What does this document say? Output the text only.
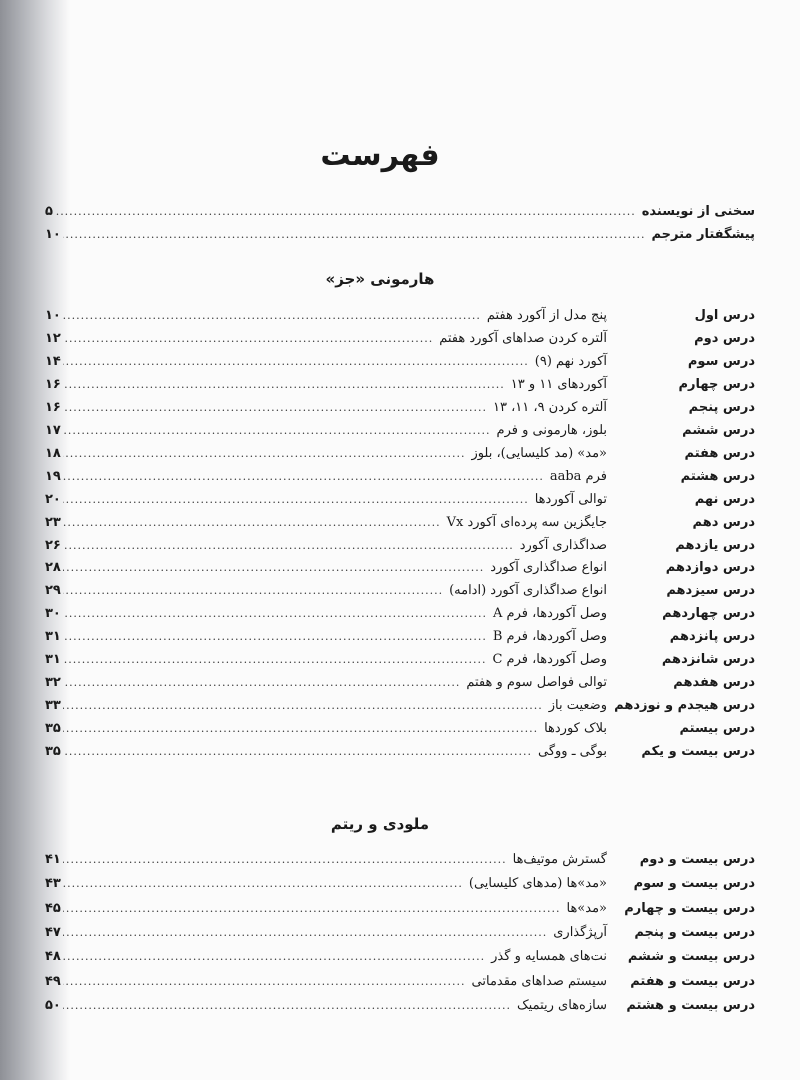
فهرست
سخنی از نویسنده
.....
۵
پیشگفتار مترجم
.....
۱۰
هارمونی «جز»
درس اول
پنج مدل از آکورد هفتم
.....
۱۰
درس دوم
آلتره کردن صداهای آکورد هفتم
.....
۱۲
درس سوم
آکورد نهم (۹)
.....
۱۴
درس چهارم
آکوردهای ۱۱ و ۱۳
.....
۱۶
درس پنجم
آلتره کردن ۹، ۱۱، ۱۳
.....
۱۶
درس ششم
بلوز، هارمونی و فرم
.....
۱۷
درس هفتم
«مد» (مد کلیسایی)، بلوز
.....
۱۸
درس هشتم
فرم aaba
.....
۱۹
درس نهم
توالی آکوردها
.....
۲۰
درس دهم
جایگزین سه پرده‌ای آکورد Vx
.....
۲۳
درس یازدهم
صداگذاری آکورد
.....
۲۶
درس دوازدهم
انواع صداگذاری آکورد
.....
۲۸
درس سیزدهم
انواع صداگذاری آکورد (ادامه)
.....
۲۹
درس چهاردهم
وصل آکوردها، فرم A
.....
۳۰
درس پانزدهم
وصل آکوردها، فرم B
.....
۳۱
درس شانزدهم
وصل آکوردها، فرم C
.....
۳۱
درس هفدهم
توالی فواصل سوم و هفتم
.....
۳۲
درس هیجدم و نوزدهم
وضعیت باز
.....
۳۳
درس بیستم
بلاک کوردها
.....
۳۵
درس بیست و یکم
بوگی ـ ووگی
.....
۳۵
ملودی و ریتم
درس بیست و دوم
گسترش موتیف‌ها
.....
۴۱
درس بیست و سوم
«مد»ها (مدهای کلیسایی)
.....
۴۳
درس بیست و چهارم
«مد»ها
.....
۴۵
درس بیست و پنجم
آرپژگذاری
.....
۴۷
درس بیست و ششم
نت‌های همسایه و گذر
.....
۴۸
درس بیست و هفتم
سیستم صداهای مقدماتی
.....
۴۹
درس بیست و هشتم
سازه‌های ریتمیک
.....
۵۰
